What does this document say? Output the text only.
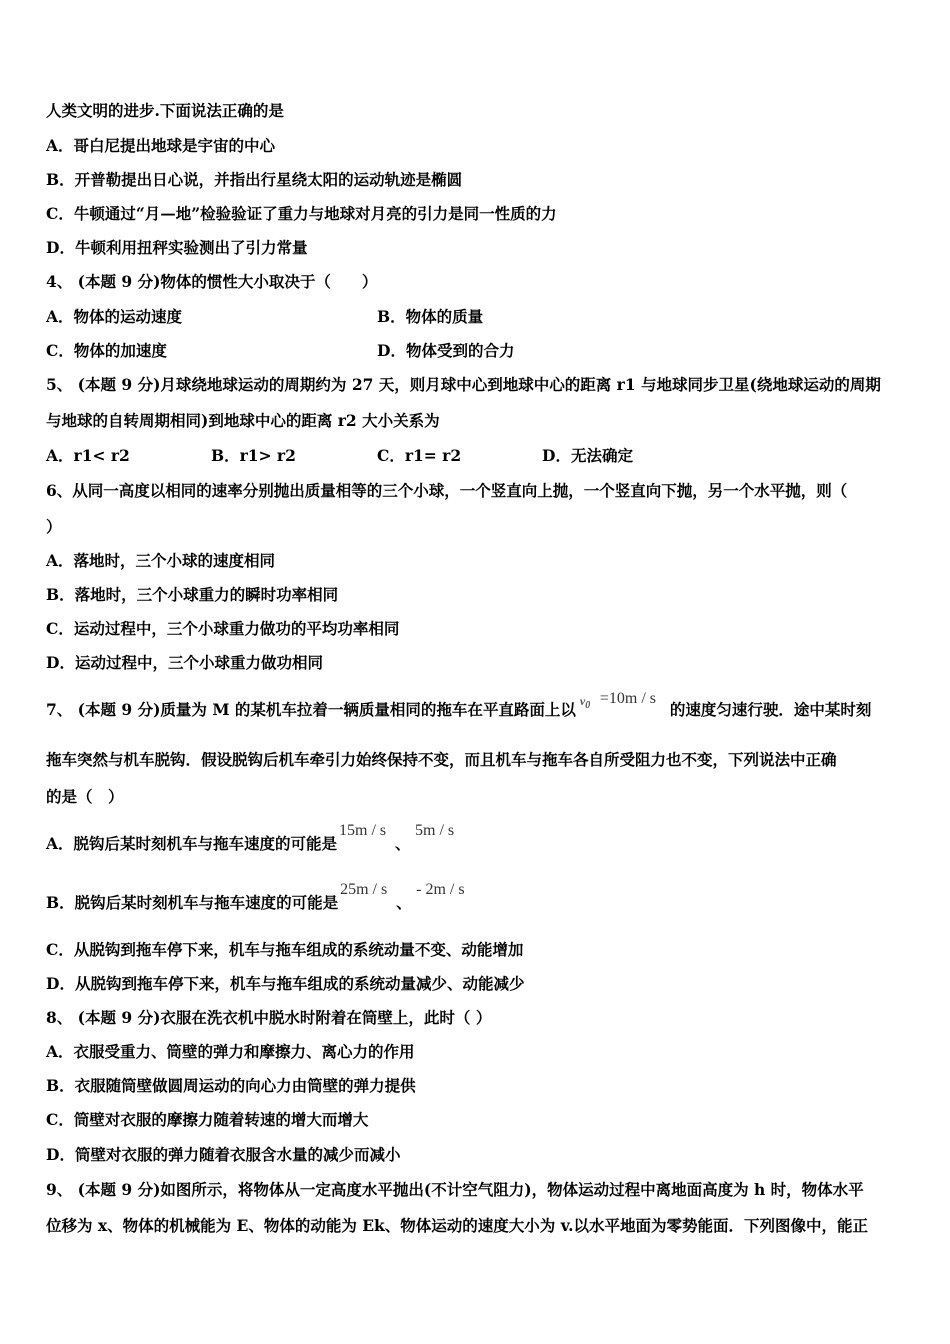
人类文明的进步.下面说法正确的是
A．哥白尼提出地球是宇宙的中心
B．开普勒提出日心说，并指出行星绕太阳的运动轨迹是椭圆
C．牛顿通过“月—地”检验验证了重力与地球对月亮的引力是同一性质的力
D．牛顿利用扭秤实验测出了引力常量
4、 (本题 9 分)物体的惯性大小取决于（　　）
A．物体的运动速度	B．物体的质量
C．物体的加速度	D．物体受到的合力
5、 (本题 9 分)月球绕地球运动的周期约为 27 天，则月球中心到地球中心的距离 r1 与地球同步卫星(绕地球运动的周期
与地球的自转周期相同)到地球中心的距离 r2 大小关系为
A．r1< r2	B．r1> r2	C．r1= r2	D．无法确定
6、从同一高度以相同的速率分别抛出质量相等的三个小球，一个竖直向上抛，一个竖直向下抛，另一个水平抛，则（
）
A．落地时，三个小球的速度相同
B．落地时，三个小球重力的瞬时功率相同
C．运动过程中，三个小球重力做功的平均功率相同
D．运动过程中，三个小球重力做功相同
7、 (本题 9 分)质量为 M 的某机车拉着一辆质量相同的拖车在平直路面上以 $v_0 =10m / s$
的速度匀速行驶．途中某时刻
拖车突然与机车脱钩．假设脱钩后机车牵引力始终保持不变，而且机车与拖车各自所受阻力也不变，下列说法中正确
的是（　）
A．脱钩后某时刻机车与拖车速度的可能是
15m / s
、
5m / s
B．脱钩后某时刻机车与拖车速度的可能是
25m / s
、
- 2m / s
C．从脱钩到拖车停下来，机车与拖车组成的系统动量不变、动能增加
D．从脱钩到拖车停下来，机车与拖车组成的系统动量减少、动能减少
8、 (本题 9 分)衣服在洗衣机中脱水时附着在筒壁上，此时（ ）
A．衣服受重力、筒壁的弹力和摩擦力、离心力的作用
B．衣服随筒壁做圆周运动的向心力由筒壁的弹力提供
C．筒壁对衣服的摩擦力随着转速的增大而增大
D．筒壁对衣服的弹力随着衣服含水量的减少而减小
9、 (本题 9 分)如图所示，将物体从一定高度水平抛出(不计空气阻力)，物体运动过程中离地面高度为 h 时，物体水平
位移为 x、物体的机械能为 E、物体的动能为 Ek、物体运动的速度大小为 v.以水平地面为零势能面．下列图像中，能正
